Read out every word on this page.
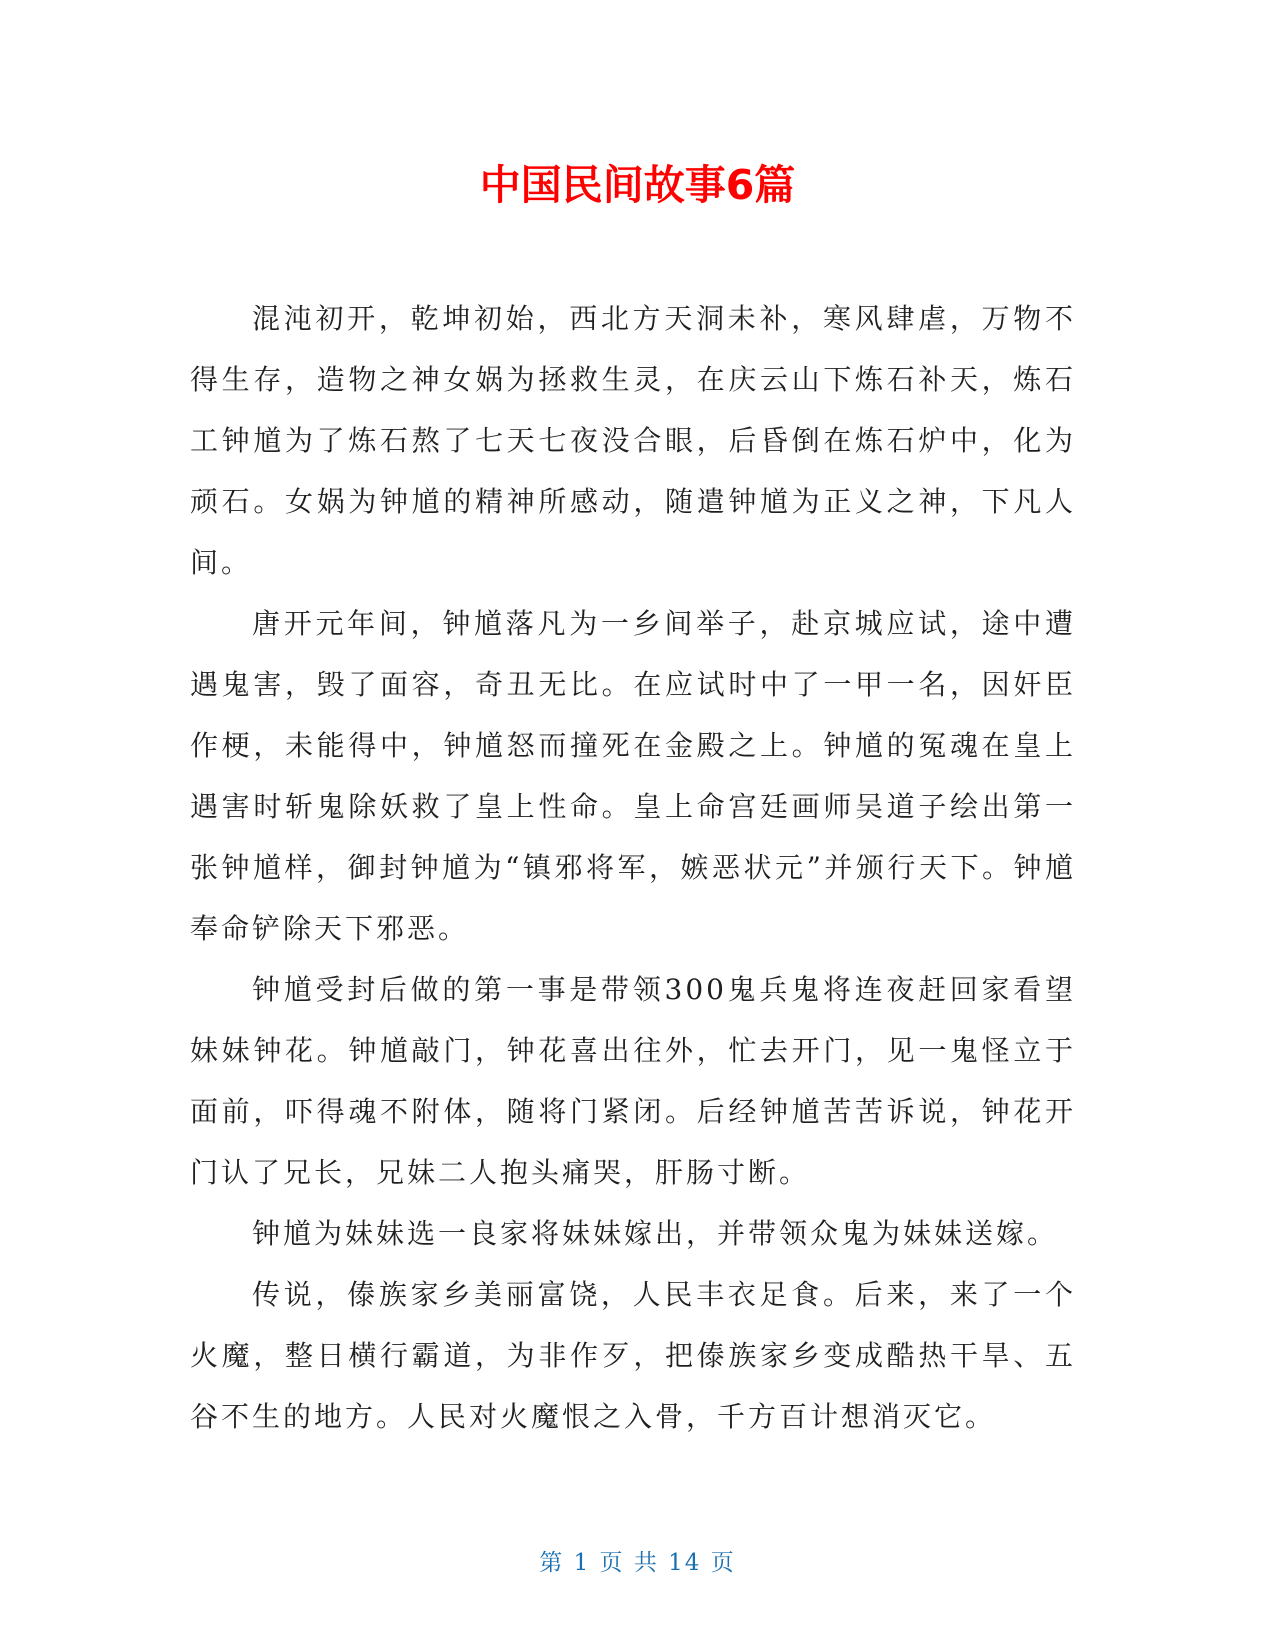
中国民间故事6篇

混沌初开，乾坤初始，西北方天洞未补，寒风肆虐，万物不得生存，造物之神女娲为拯救生灵，在庆云山下炼石补天，炼石工钟馗为了炼石熬了七天七夜没合眼，后昏倒在炼石炉中，化为顽石。女娲为钟馗的精神所感动，随遣钟馗为正义之神，下凡人间。

唐开元年间，钟馗落凡为一乡间举子，赴京城应试，途中遭遇鬼害，毁了面容，奇丑无比。在应试时中了一甲一名，因奸臣作梗，未能得中，钟馗怒而撞死在金殿之上。钟馗的冤魂在皇上遇害时斩鬼除妖救了皇上性命。皇上命宫廷画师吴道子绘出第一张钟馗样，御封钟馗为“镇邪将军，嫉恶状元”并颁行天下。钟馗奉命铲除天下邪恶。

钟馗受封后做的第一事是带领300鬼兵鬼将连夜赶回家看望妹妹钟花。钟馗敲门，钟花喜出往外，忙去开门，见一鬼怪立于面前，吓得魂不附体，随将门紧闭。后经钟馗苦苦诉说，钟花开门认了兄长，兄妹二人抱头痛哭，肝肠寸断。

钟馗为妹妹选一良家将妹妹嫁出，并带领众鬼为妹妹送嫁。

传说，傣族家乡美丽富饶，人民丰衣足食。后来，来了一个火魔，整日横行霸道，为非作歹，把傣族家乡变成酷热干旱、五谷不生的地方。人民对火魔恨之入骨，千方百计想消灭它。

第 1 页 共 14 页
